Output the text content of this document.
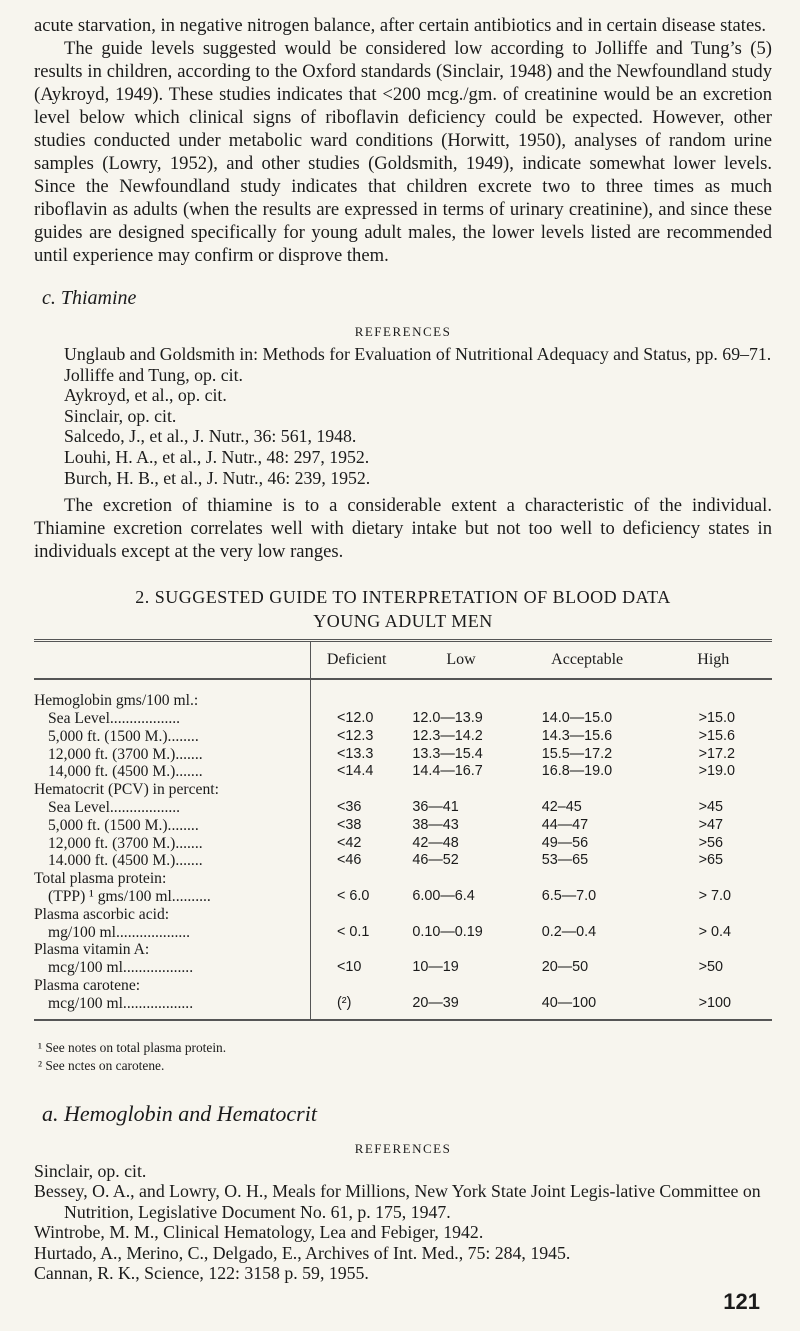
acute starvation, in negative nitrogen balance, after certain antibiotics and in certain disease states.

The guide levels suggested would be considered low according to Jolliffe and Tung’s (5) results in children, according to the Oxford standards (Sinclair, 1948) and the Newfoundland study (Aykroyd, 1949). These studies indicates that <200 mcg./gm. of creatinine would be an excretion level below which clinical signs of riboflavin deficiency could be expected. However, other studies conducted under metabolic ward conditions (Horwitt, 1950), analyses of random urine samples (Lowry, 1952), and other studies (Goldsmith, 1949), indicate somewhat lower levels. Since the Newfoundland study indicates that children excrete two to three times as much riboflavin as adults (when the results are expressed in terms of urinary creatinine), and since these guides are designed specifically for young adult males, the lower levels listed are recommended until experience may confirm or disprove them.

c. Thiamine

REFERENCES

Unglaub and Goldsmith in: Methods for Evaluation of Nutritional Adequacy and Status, pp. 69–71.

Jolliffe and Tung, op. cit.

Aykroyd, et al., op. cit.

Sinclair, op. cit.

Salcedo, J., et al., J. Nutr., 36: 561, 1948.

Louhi, H. A., et al., J. Nutr., 48: 297, 1952.

Burch, H. B., et al., J. Nutr., 46: 239, 1952.

The excretion of thiamine is to a considerable extent a characteristic of the individual. Thiamine excretion correlates well with dietary intake but not too well to deficiency states in individuals except at the very low ranges.

2. SUGGESTED GUIDE TO INTERPRETATION OF BLOOD DATA
YOUNG ADULT MEN

	Deficient	Low	Acceptable	High

Hemoglobin gms/100 ml.:				
Sea Level..................	<12.0	12.0—13.9	14.0—15.0	>15.0
5,000 ft. (1500 M.)........	<12.3	12.3—14.2	14.3—15.6	>15.6
12,000 ft. (3700 M.).......	<13.3	13.3—15.4	15.5—17.2	>17.2
14,000 ft. (4500 M.).......	<14.4	14.4—16.7	16.8—19.0	>19.0
Hematocrit (PCV) in percent:				
Sea Level..................	<36	36—41	42–45	>45
5,000 ft. (1500 M.)........	<38	38—43	44—47	>47
12,000 ft. (3700 M.).......	<42	42—48	49—56	>56
14.000 ft. (4500 M.).......	<46	46—52	53—65	>65
Total plasma protein:				
(TPP) ¹ gms/100 ml..........	< 6.0	6.00—6.4	6.5—7.0	> 7.0
Plasma ascorbic acid:				
mg/100 ml...................	< 0.1	0.10—0.19	0.2—0.4	> 0.4
Plasma vitamin A:				
mcg/100 ml..................	<10	10—19	20—50	>50
Plasma carotene:				
mcg/100 ml..................	(²)	20—39	40—100	>100

¹ See notes on total plasma protein.

² See nctes on carotene.

a. Hemoglobin and Hematocrit

REFERENCES

Sinclair, op. cit.

Bessey, O. A., and Lowry, O. H., Meals for Millions, New York State Joint Legis-lative Committee on Nutrition, Legislative Document No. 61, p. 175, 1947.

Wintrobe, M. M., Clinical Hematology, Lea and Febiger, 1942.

Hurtado, A., Merino, C., Delgado, E., Archives of Int. Med., 75: 284, 1945.

Cannan, R. K., Science, 122: 3158 p. 59, 1955.

121
